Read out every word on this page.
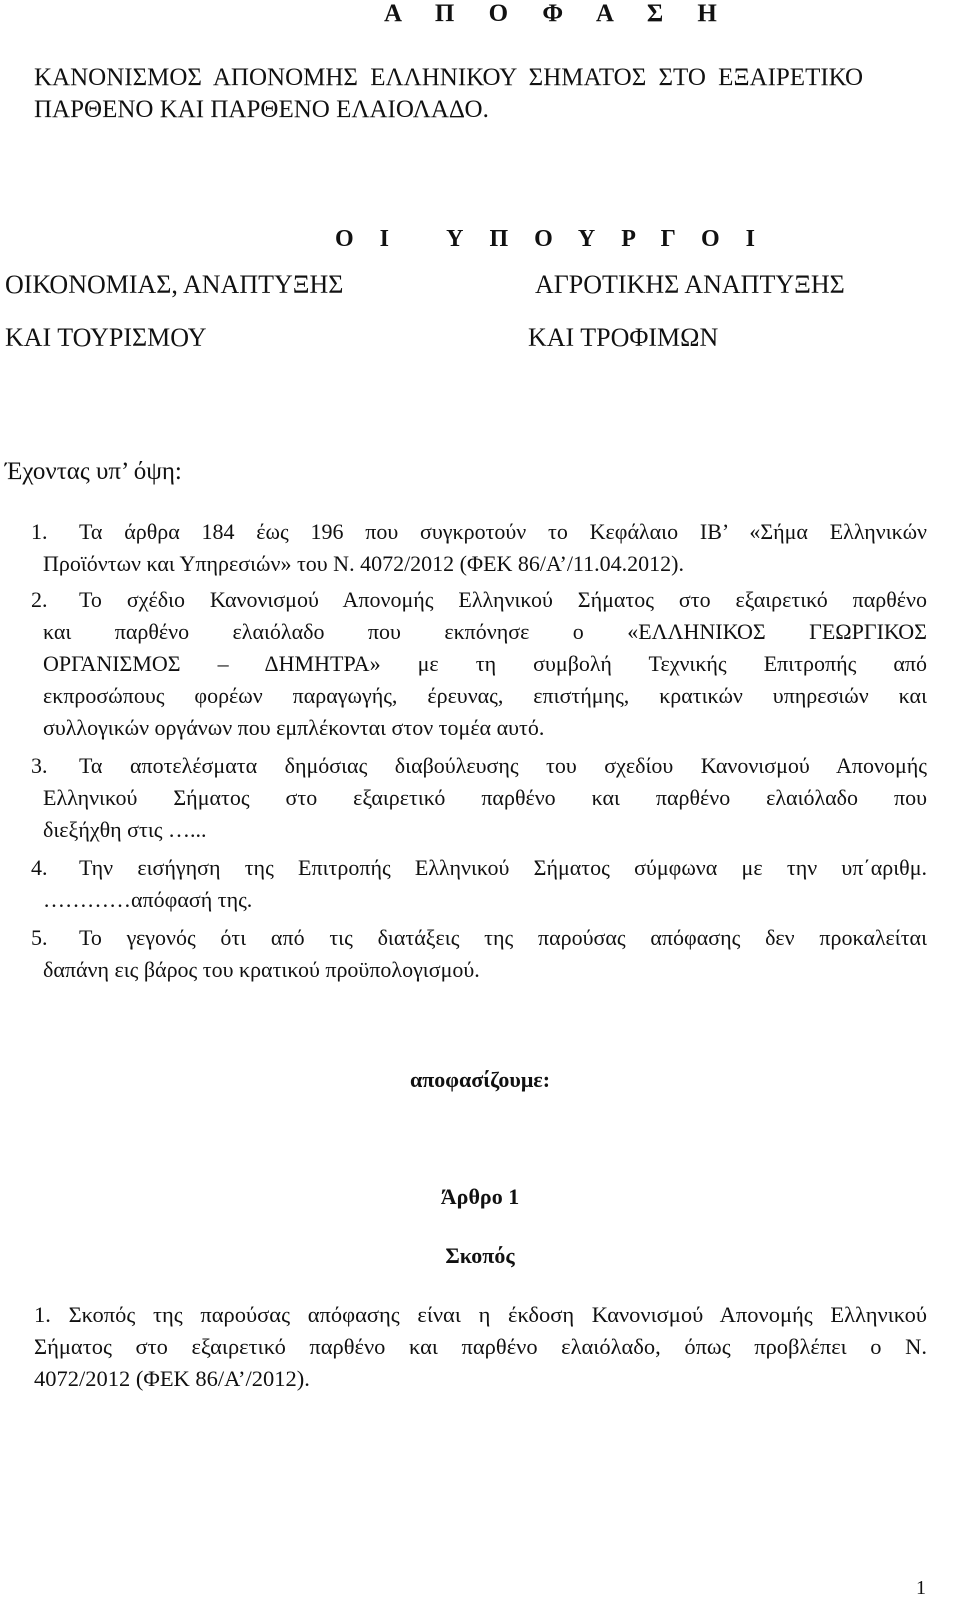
Α Π Ο Φ Α Σ Η
ΚΑΝΟΝΙΣΜΟΣ ΑΠΟΝΟΜΗΣ ΕΛΛΗΝΙΚΟΥ ΣΗΜΑΤΟΣ ΣΤΟ ΕΞΑΙΡΕΤΙΚΟ
ΠΑΡΘΕΝΟ ΚΑΙ ΠΑΡΘΕΝΟ ΕΛΑΙΟΛΑΔΟ.
Ο Ι   Υ Π Ο Υ Ρ Γ Ο Ι
ΟΙΚΟΝΟΜΙΑΣ, ΑΝΑΠΤΥΞΗΣ
ΚΑΙ ΤΟΥΡΙΣΜΟΥ
ΑΓΡΟΤΙΚΗΣ ΑΝΑΠΤΥΞΗΣ
ΚΑΙ ΤΡΟΦΙΜΩΝ
Έχοντας υπ’ όψη:
1. Τα άρθρα 184 έως 196 που συγκροτούν το Κεφάλαιο ΙΒ’ «Σήμα Ελληνικών
Προϊόντων και Υπηρεσιών» του Ν. 4072/2012 (ΦΕΚ 86/Α’/11.04.2012).
2. Το σχέδιο Κανονισμού Απονομής Ελληνικού Σήματος στο εξαιρετικό παρθένο
και παρθένο ελαιόλαδο που εκπόνησε ο «ΕΛΛΗΝΙΚΟΣ ΓΕΩΡΓΙΚΟΣ
ΟΡΓΑΝΙΣΜΟΣ – ΔΗΜΗΤΡΑ» με τη συμβολή Τεχνικής Επιτροπής από
εκπροσώπους φορέων παραγωγής, έρευνας, επιστήμης, κρατικών υπηρεσιών και
συλλογικών οργάνων που εμπλέκονται στον τομέα αυτό.
3. Τα αποτελέσματα δημόσιας διαβούλευσης του σχεδίου Κανονισμού Απονομής
Ελληνικού Σήματος στο εξαιρετικό παρθένο και παρθένο ελαιόλαδο που
διεξήχθη στις …...
4. Την εισήγηση της Επιτροπής Ελληνικού Σήματος σύμφωνα με την υπ΄αριθμ.
…………απόφασή της.
5. Το γεγονός ότι από τις διατάξεις της παρούσας απόφασης δεν προκαλείται
δαπάνη εις βάρος του κρατικού προϋπολογισμού.
αποφασίζουμε:
Άρθρο 1
Σκοπός
1. Σκοπός της παρούσας απόφασης είναι η έκδοση Κανονισμού Απονομής Ελληνικού
Σήματος στο εξαιρετικό παρθένο και παρθένο ελαιόλαδο, όπως προβλέπει ο Ν.
4072/2012 (ΦΕΚ 86/Α’/2012).
1
